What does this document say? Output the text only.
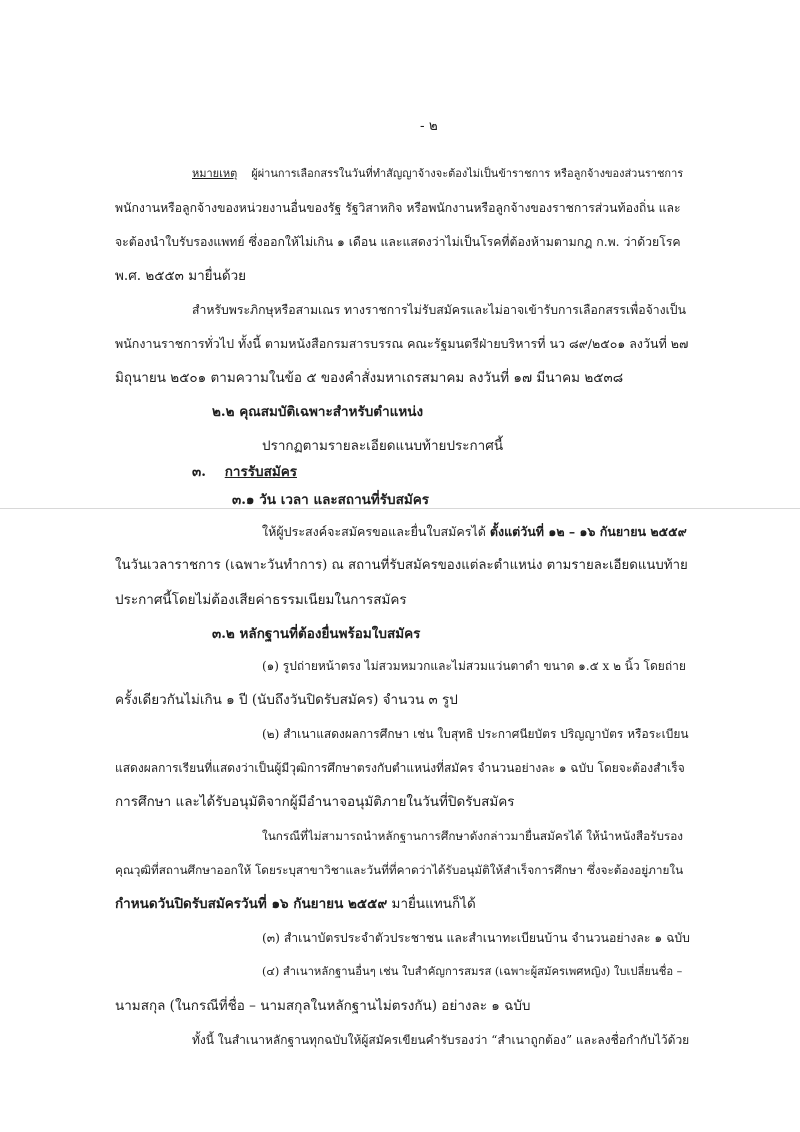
- ๒
หมายเหตุ ผู้ผ่านการเลือกสรรในวันที่ทำสัญญาจ้างจะต้องไม่เป็นข้าราชการ หรือลูกจ้างของส่วนราชการ
พนักงานหรือลูกจ้างของหน่วยงานอื่นของรัฐ รัฐวิสาหกิจ หรือพนักงานหรือลูกจ้างของราชการส่วนท้องถิ่น และ
จะต้องนำใบรับรองแพทย์ ซึ่งออกให้ไม่เกิน ๑ เดือน และแสดงว่าไม่เป็นโรคที่ต้องห้ามตามกฎ ก.พ. ว่าด้วยโรค
พ.ศ. ๒๕๕๓ มายื่นด้วย
สำหรับพระภิกษุหรือสามเณร ทางราชการไม่รับสมัครและไม่อาจเข้ารับการเลือกสรรเพื่อจ้างเป็น
พนักงานราชการทั่วไป ทั้งนี้ ตามหนังสือกรมสารบรรณ คณะรัฐมนตรีฝ่ายบริหารที่ นว ๘๙/๒๕๐๑ ลงวันที่ ๒๗
มิถุนายน ๒๕๐๑ ตามความในข้อ ๕ ของคำสั่งมหาเถรสมาคม ลงวันที่ ๑๗ มีนาคม ๒๕๓๘
๒.๒ คุณสมบัติเฉพาะสำหรับตำแหน่ง
ปรากฏตามรายละเอียดแนบท้ายประกาศนี้
๓. การรับสมัคร
๓.๑ วัน เวลา และสถานที่รับสมัคร
ให้ผู้ประสงค์จะสมัครขอและยื่นใบสมัครได้ ตั้งแต่วันที่ ๑๒ – ๑๖ กันยายน ๒๕๕๙
ในวันเวลาราชการ (เฉพาะวันทำการ) ณ สถานที่รับสมัครของแต่ละตำแหน่ง ตามรายละเอียดแนบท้าย
ประกาศนี้โดยไม่ต้องเสียค่าธรรมเนียมในการสมัคร
๓.๒ หลักฐานที่ต้องยื่นพร้อมใบสมัคร
(๑) รูปถ่ายหน้าตรง ไม่สวมหมวกและไม่สวมแว่นตาดำ ขนาด ๑.๕ x ๒ นิ้ว โดยถ่าย
ครั้งเดียวกันไม่เกิน ๑ ปี (นับถึงวันปิดรับสมัคร) จำนวน ๓ รูป
(๒) สำเนาแสดงผลการศึกษา เช่น ใบสุทธิ ประกาศนียบัตร ปริญญาบัตร หรือระเบียน
แสดงผลการเรียนที่แสดงว่าเป็นผู้มีวุฒิการศึกษาตรงกับตำแหน่งที่สมัคร จำนวนอย่างละ ๑ ฉบับ โดยจะต้องสำเร็จ
การศึกษา และได้รับอนุมัติจากผู้มีอำนาจอนุมัติภายในวันที่ปิดรับสมัคร
ในกรณีที่ไม่สามารถนำหลักฐานการศึกษาดังกล่าวมายื่นสมัครได้ ให้นำหนังสือรับรอง
คุณวุฒิที่สถานศึกษาออกให้ โดยระบุสาขาวิชาและวันที่ที่คาดว่าได้รับอนุมัติให้สำเร็จการศึกษา ซึ่งจะต้องอยู่ภายใน
กำหนดวันปิดรับสมัครวันที่ ๑๖ กันยายน ๒๕๕๙ มายื่นแทนก็ได้
(๓) สำเนาบัตรประจำตัวประชาชน และสำเนาทะเบียนบ้าน จำนวนอย่างละ ๑ ฉบับ
(๔) สำเนาหลักฐานอื่นๆ เช่น ใบสำคัญการสมรส (เฉพาะผู้สมัครเพศหญิง) ใบเปลี่ยนชื่อ –
นามสกุล (ในกรณีที่ชื่อ – นามสกุลในหลักฐานไม่ตรงกัน) อย่างละ ๑ ฉบับ
ทั้งนี้ ในสำเนาหลักฐานทุกฉบับให้ผู้สมัครเขียนคำรับรองว่า “สำเนาถูกต้อง” และลงชื่อกำกับไว้ด้วย
